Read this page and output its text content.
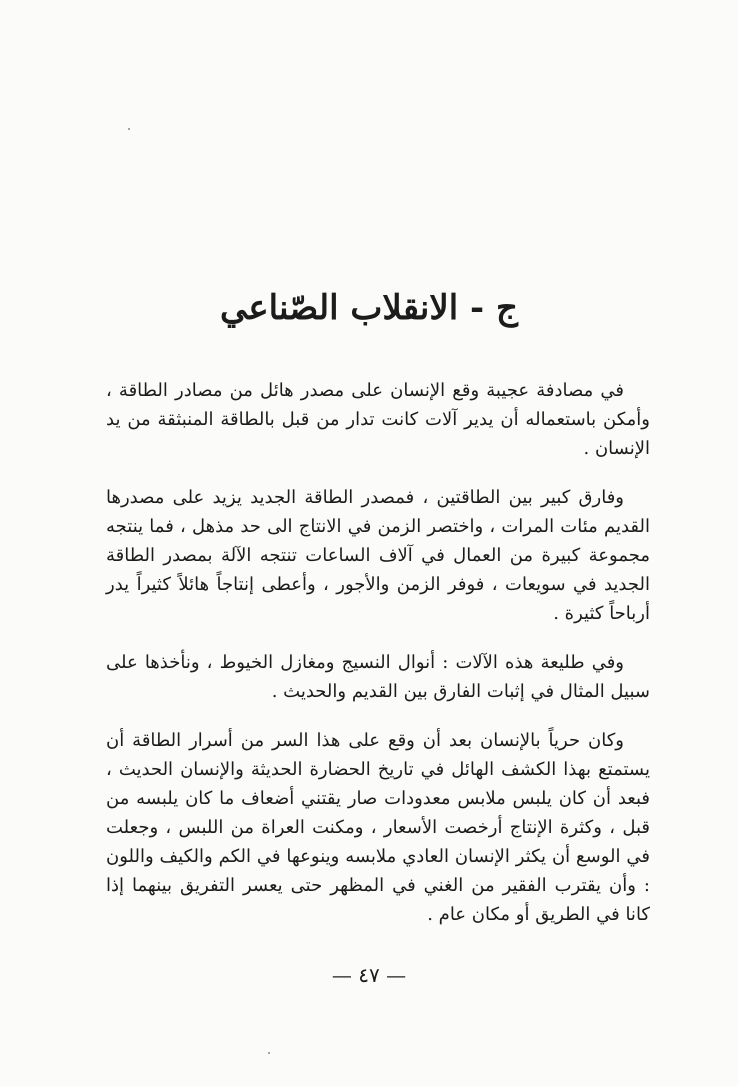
ج - الانقلاب الصّناعي

في مصادفة عجيبة وقع الإنسان على مصدر هائل من مصادر الطاقة ، وأمكن باستعماله أن يدير آلات كانت تدار من قبل بالطاقة المنبثقة من يد الإنسان .

وفارق كبير بين الطاقتين ، فمصدر الطاقة الجديد يزيد على مصدرها القديم مئات المرات ، واختصر الزمن في الانتاج الى حد مذهل ، فما ينتجه مجموعة كبيرة من العمال في آلاف الساعات تنتجه الآلة بمصدر الطاقة الجديد في سويعات ، فوفر الزمن والأجور ، وأعطى إنتاجاً هائلاً كثيراً يدر أرباحاً كثيرة .

وفي طليعة هذه الآلات : أنوال النسيج ومغازل الخيوط ، ونأخذها على سبيل المثال في إثبات الفارق بين القديم والحديث .

وكان حرياً بالإنسان بعد أن وقع على هذا السر من أسرار الطاقة أن يستمتع بهذا الكشف الهائل في تاريخ الحضارة الحديثة والإنسان الحديث ، فبعد أن كان يلبس ملابس معدودات صار يقتني أضعاف ما كان يلبسه من قبل ، وكثرة الإنتاج أرخصت الأسعار ، ومكنت العراة من اللبس ، وجعلت في الوسع أن يكثر الإنسان العادي ملابسه وينوعها في الكم والكيف واللون : وأن يقترب الفقير من الغني في المظهر حتى يعسر التفريق بينهما إذا كانا في الطريق أو مكان عام .

— ٤٧ —
